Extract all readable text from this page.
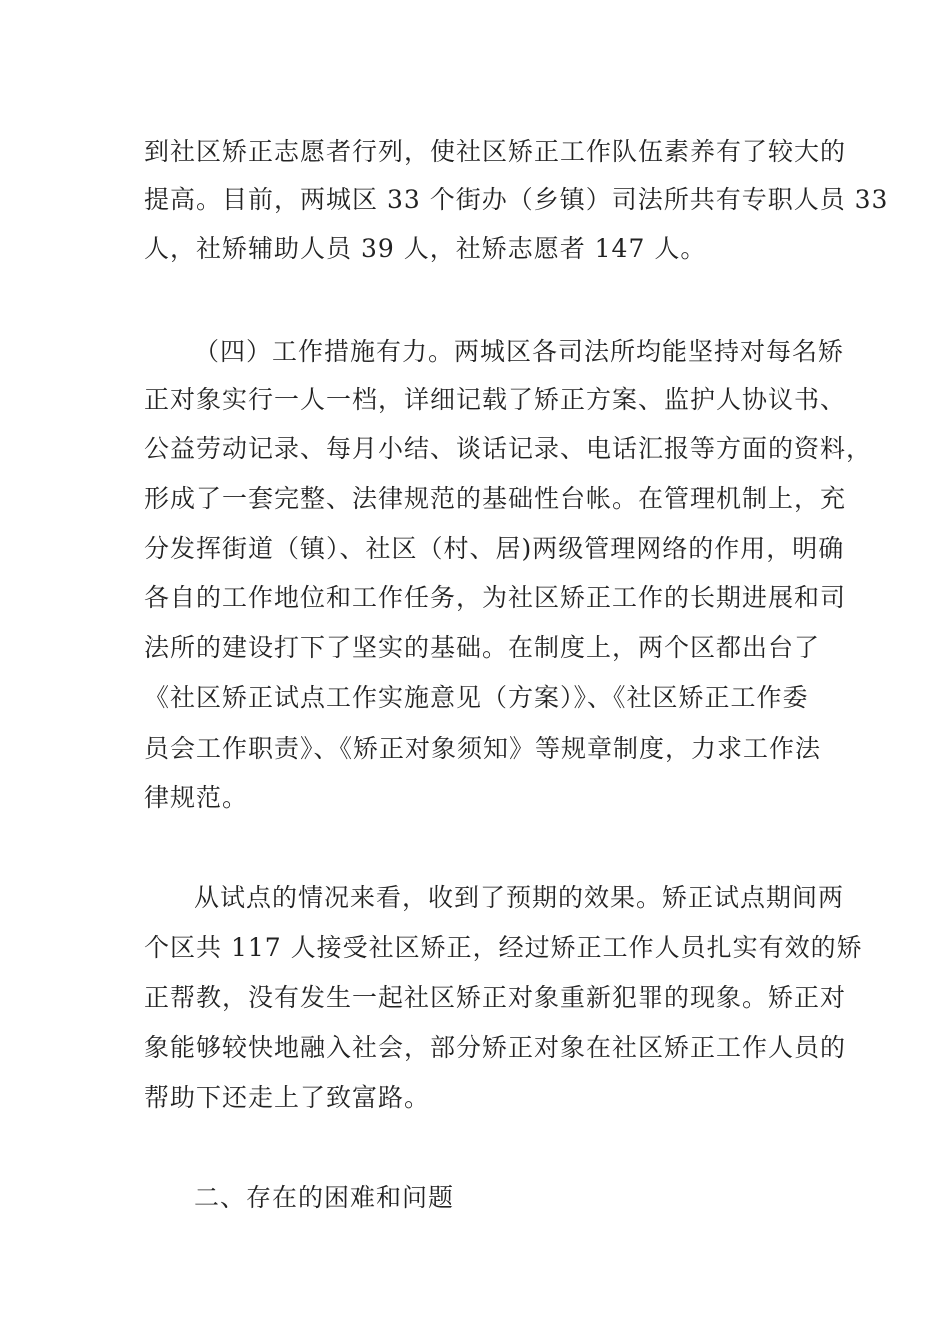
到社区矫正志愿者行列，使社区矫正工作队伍素养有了较大的
提高。目前，两城区 33 个街办（乡镇）司法所共有专职人员 33
人，社矫辅助人员 39 人，社矫志愿者 147 人。
（四）工作措施有力。两城区各司法所均能坚持对每名矫
正对象实行一人一档，详细记载了矫正方案、监护人协议书、
公益劳动记录、每月小结、谈话记录、电话汇报等方面的资料，
形成了一套完整、法律规范的基础性台帐。在管理机制上，充
分发挥街道（镇）、社区（村、居)两级管理网络的作用，明确
各自的工作地位和工作任务，为社区矫正工作的长期进展和司
法所的建设打下了坚实的基础。在制度上，两个区都出台了
《社区矫正试点工作实施意见（方案）》、《社区矫正工作委
员会工作职责》、《矫正对象须知》等规章制度，力求工作法
律规范。
从试点的情况来看，收到了预期的效果。矫正试点期间两
个区共 117 人接受社区矫正，经过矫正工作人员扎实有效的矫
正帮教，没有发生一起社区矫正对象重新犯罪的现象。矫正对
象能够较快地融入社会，部分矫正对象在社区矫正工作人员的
帮助下还走上了致富路。
二、存在的困难和问题
